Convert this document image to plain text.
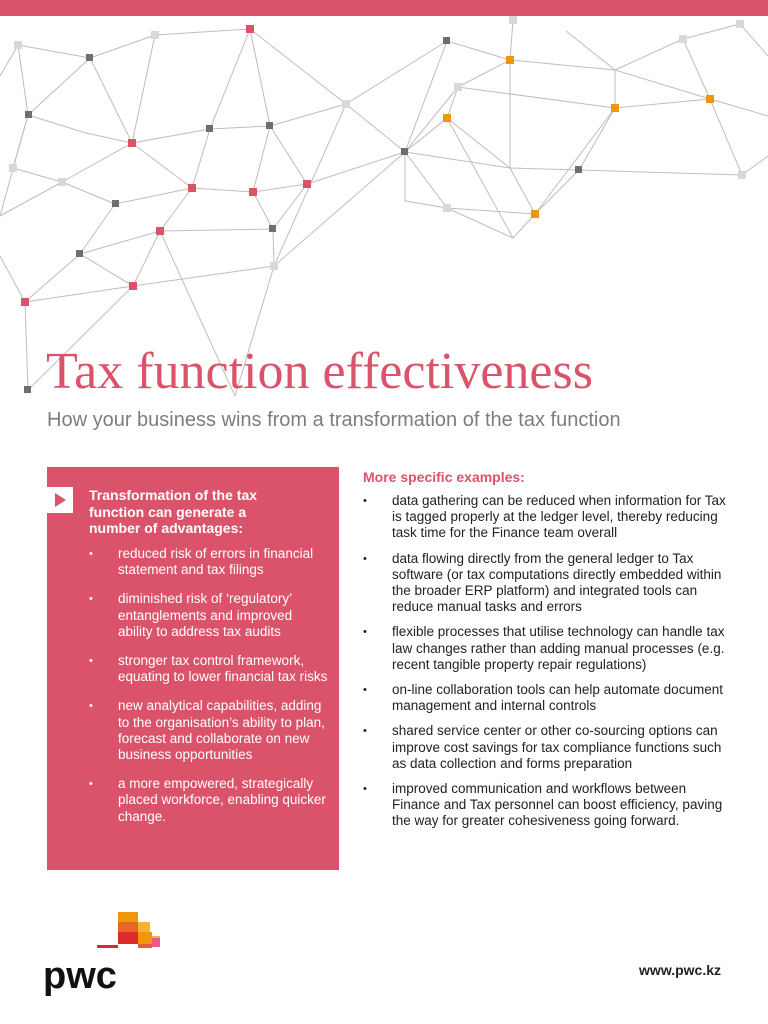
Tax function effectiveness

How your business wins from a transformation of the tax function

Transformation of the tax function can generate a number of advantages:

• reduced risk of errors in financial statement and tax filings
• diminished risk of ‘regulatory’ entanglements and improved ability to address tax audits
• stronger tax control framework, equating to lower financial tax risks
• new analytical capabilities, adding to the organisation’s ability to plan, forecast and collaborate on new business opportunities
• a more empowered, strategically placed workforce, enabling quicker change.

More specific examples:

• data gathering can be reduced when information for Tax is tagged properly at the ledger level, thereby reducing task time for the Finance team overall
• data flowing directly from the general ledger to Tax software (or tax computations directly embedded within the broader ERP platform) and integrated tools can reduce manual tasks and errors
• flexible processes that utilise technology can handle tax law changes rather than adding manual processes (e.g. recent tangible property repair regulations)
• on-line collaboration tools can help automate document management and internal controls
• shared service center or other co-sourcing options can improve cost savings for tax compliance functions such as data collection and forms preparation
• improved communication and workflows between Finance and Tax personnel can boost efficiency, paving the way for greater cohesiveness going forward.
pwc	www.pwc.kz
